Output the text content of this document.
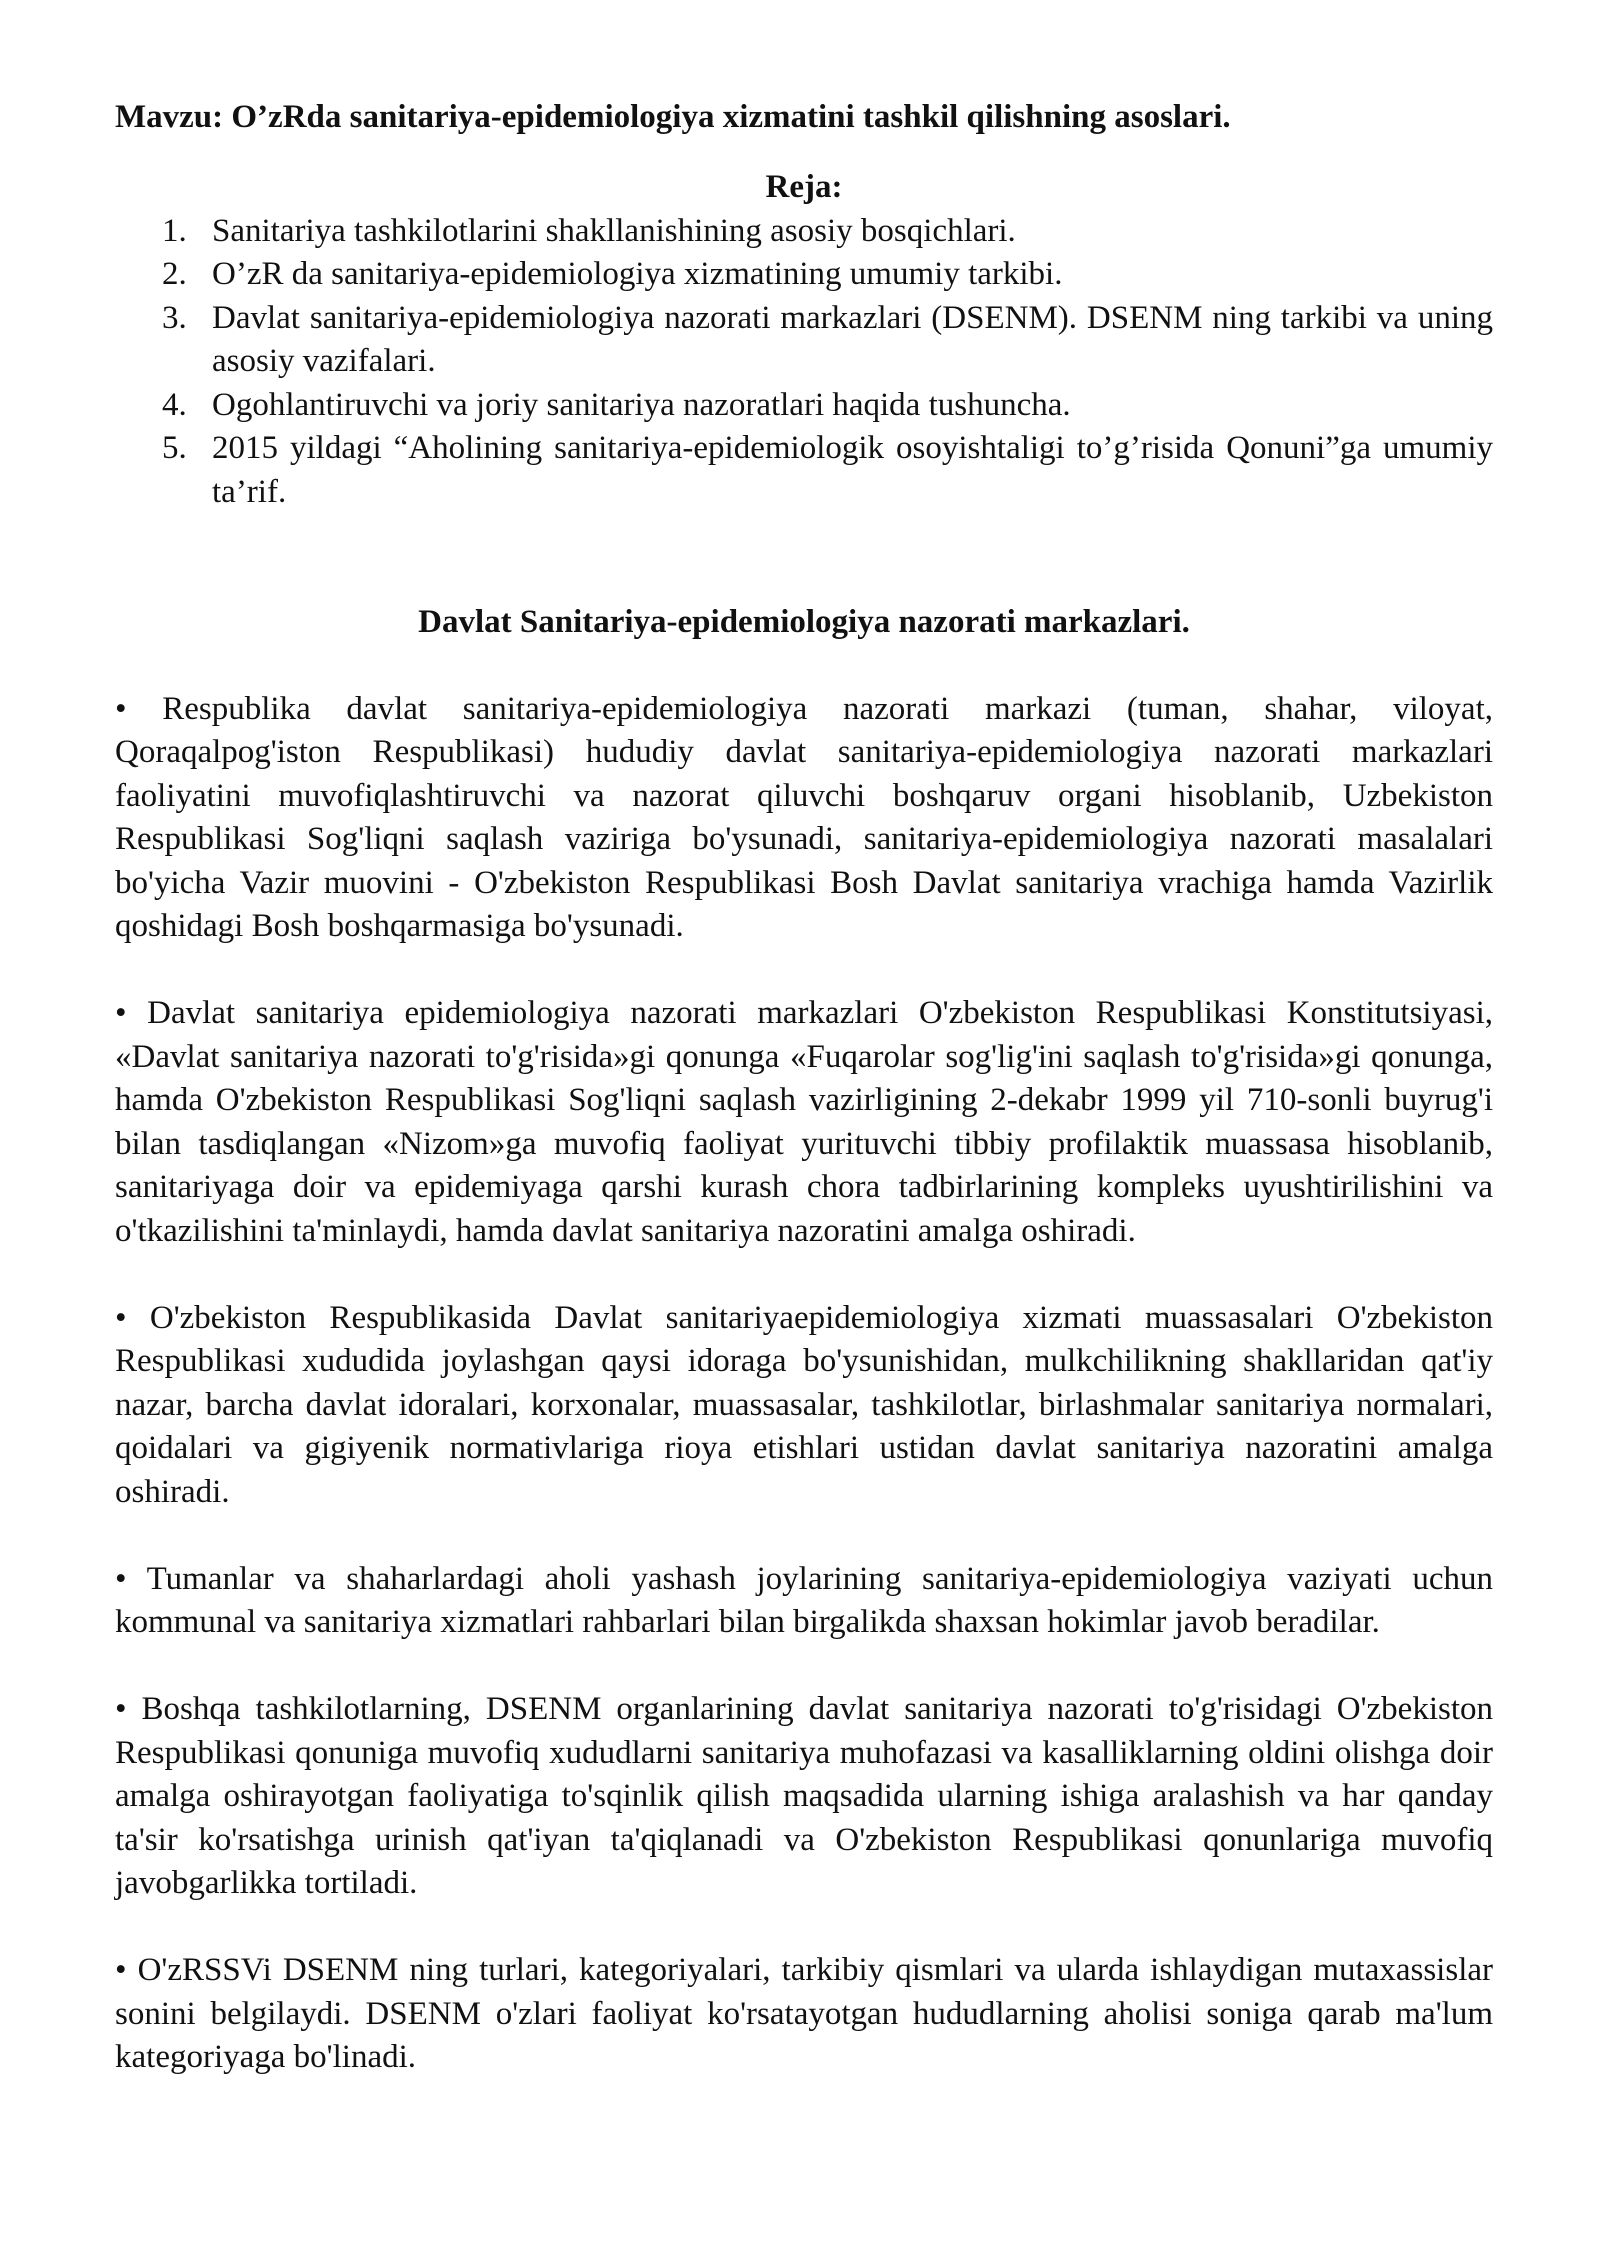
Mavzu: O’zRda sanitariya-epidemiologiya xizmatini tashkil qilishning asoslari.

Reja:

1. Sanitariya tashkilotlarini shakllanishining asosiy bosqichlari.
2. O’zR da sanitariya-epidemiologiya xizmatining umumiy tarkibi.
3. Davlat sanitariya-epidemiologiya nazorati markazlari (DSENM). DSENM ning tarkibi va uning asosiy vazifalari.
4. Ogohlantiruvchi va joriy sanitariya nazoratlari haqida tushuncha.
5. 2015 yildagi “Aholining sanitariya-epidemiologik osoyishtaligi to’g’risida Qonuni”ga umumiy ta’rif.

Davlat Sanitariya-epidemiologiya nazorati markazlari.

• Respublika davlat sanitariya-epidemiologiya nazorati markazi (tuman, shahar, viloyat, Qoraqalpog'iston Respublikasi) hududiy davlat sanitariya-epidemiologiya nazorati markazlari faoliyatini muvofiqlashtiruvchi va nazorat qiluvchi boshqaruv organi hisoblanib, Uzbekiston Respublikasi Sog'liqni saqlash vaziriga bo'ysunadi, sanitariya-epidemiologiya nazorati masalalari bo'yicha Vazir muovini - O'zbekiston Respublikasi Bosh Davlat sanitariya vrachiga hamda Vazirlik qoshidagi Bosh boshqarmasiga bo'ysunadi.

• Davlat sanitariya epidemiologiya nazorati markazlari O'zbekiston Respublikasi Konstitutsiyasi, «Davlat sanitariya nazorati to'g'risida»gi qonunga «Fuqarolar sog'lig'ini saqlash to'g'risida»gi qonunga, hamda O'zbekiston Respublikasi Sog'liqni saqlash vazirligining 2-dekabr 1999 yil 710-sonli buyrug'i bilan tasdiqlangan «Nizom»ga muvofiq faoliyat yurituvchi tibbiy profilaktik muassasa hisoblanib, sanitariyaga doir va epidemiyaga qarshi kurash chora tadbirlarining kompleks uyushtirilishini va o'tkazilishini ta'minlaydi, hamda davlat sanitariya nazoratini amalga oshiradi.

• O'zbekiston Respublikasida Davlat sanitariyaepidemiologiya xizmati muassasalari O'zbekiston Respublikasi xududida joylashgan qaysi idoraga bo'ysunishidan, mulkchilikning shakllaridan qat'iy nazar, barcha davlat idoralari, korxonalar, muassasalar, tashkilotlar, birlashmalar sanitariya normalari, qoidalari va gigiyenik normativlariga rioya etishlari ustidan davlat sanitariya nazoratini amalga oshiradi.

• Tumanlar va shaharlardagi aholi yashash joylarining sanitariya-epidemiologiya vaziyati uchun kommunal va sanitariya xizmatlari rahbarlari bilan birgalikda shaxsan hokimlar javob beradilar.

• Boshqa tashkilotlarning, DSENM organlarining davlat sanitariya nazorati to'g'risidagi O'zbekiston Respublikasi qonuniga muvofiq xududlarni sanitariya muhofazasi va kasalliklarning oldini olishga doir amalga oshirayotgan faoliyatiga to'sqinlik qilish maqsadida ularning ishiga aralashish va har qanday ta'sir ko'rsatishga urinish qat'iyan ta'qiqlanadi va O'zbekiston Respublikasi qonunlariga muvofiq javobgarlikka tortiladi.

• O'zRSSVi DSENM ning turlari, kategoriyalari, tarkibiy qismlari va ularda ishlaydigan mutaxassislar sonini belgilaydi. DSENM o'zlari faoliyat ko'rsatayotgan hududlarning aholisi soniga qarab ma'lum kategoriyaga bo'linadi.
